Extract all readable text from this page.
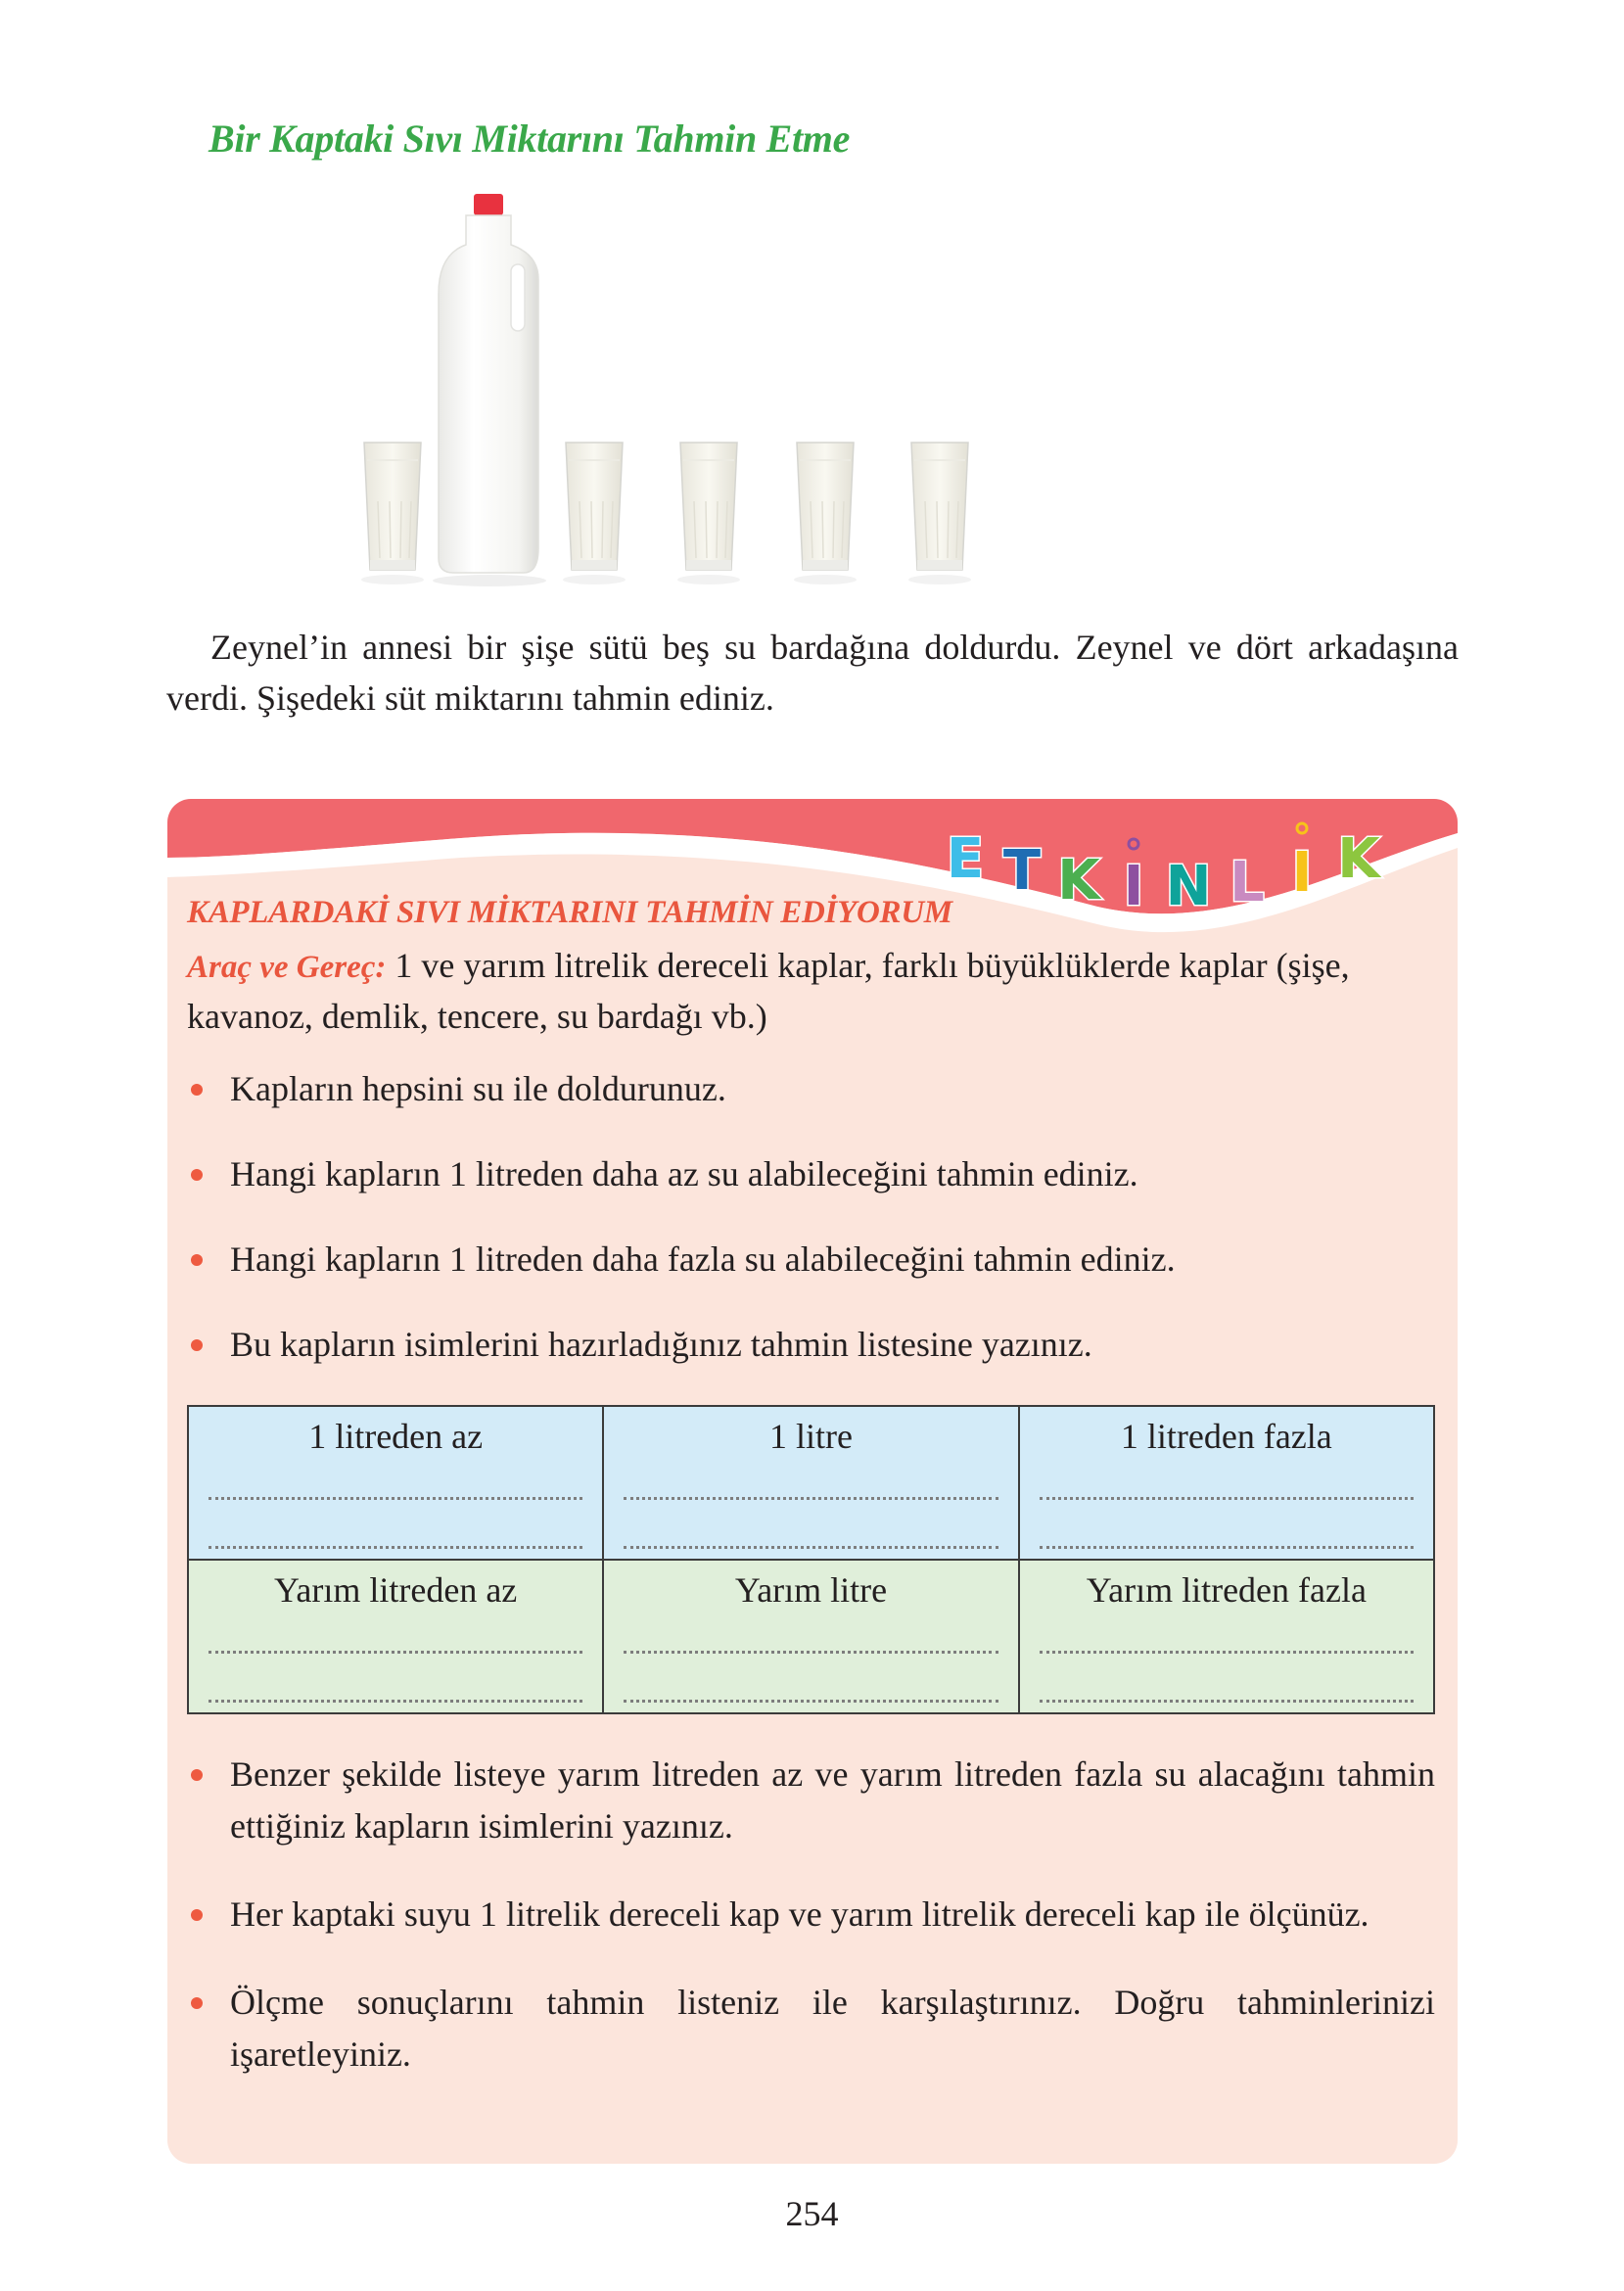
Bir Kaptaki Sıvı Miktarını Tahmin Etme

Zeynel’in annesi bir şişe sütü beş su bardağına doldurdu. Zeynel ve dört arkadaşına verdi. Şişedeki süt miktarını tahmin ediniz.

E T K I N L I K
KAPLARDAKİ SIVI MİKTARINI TAHMİN EDİYORUM
Araç ve Gereç: 1 ve yarım litrelik dereceli kaplar, farklı büyüklüklerde kaplar (şişe, kavanoz, demlik, tencere, su bardağı vb.)
Kapların hepsini su ile doldurunuz.
Hangi kapların 1 litreden daha az su alabileceğini tahmin ediniz.
Hangi kapların 1 litreden daha fazla su alabileceğini tahmin ediniz.
Bu kapların isimlerini hazırladığınız tahmin listesine yazınız.
1 litreden az	1 litre	1 litreden fazla

Yarım litreden az	Yarım litre	Yarım litreden fazla
Benzer şekilde listeye yarım litreden az ve yarım litreden fazla su alacağını tahmin ettiğiniz kapların isimlerini yazınız.
Her kaptaki suyu 1 litrelik dereceli kap ve yarım litrelik dereceli kap ile ölçünüz.
Ölçme sonuçlarını tahmin listeniz ile karşılaştırınız. Doğru tahminlerinizi işaretleyiniz.
254
